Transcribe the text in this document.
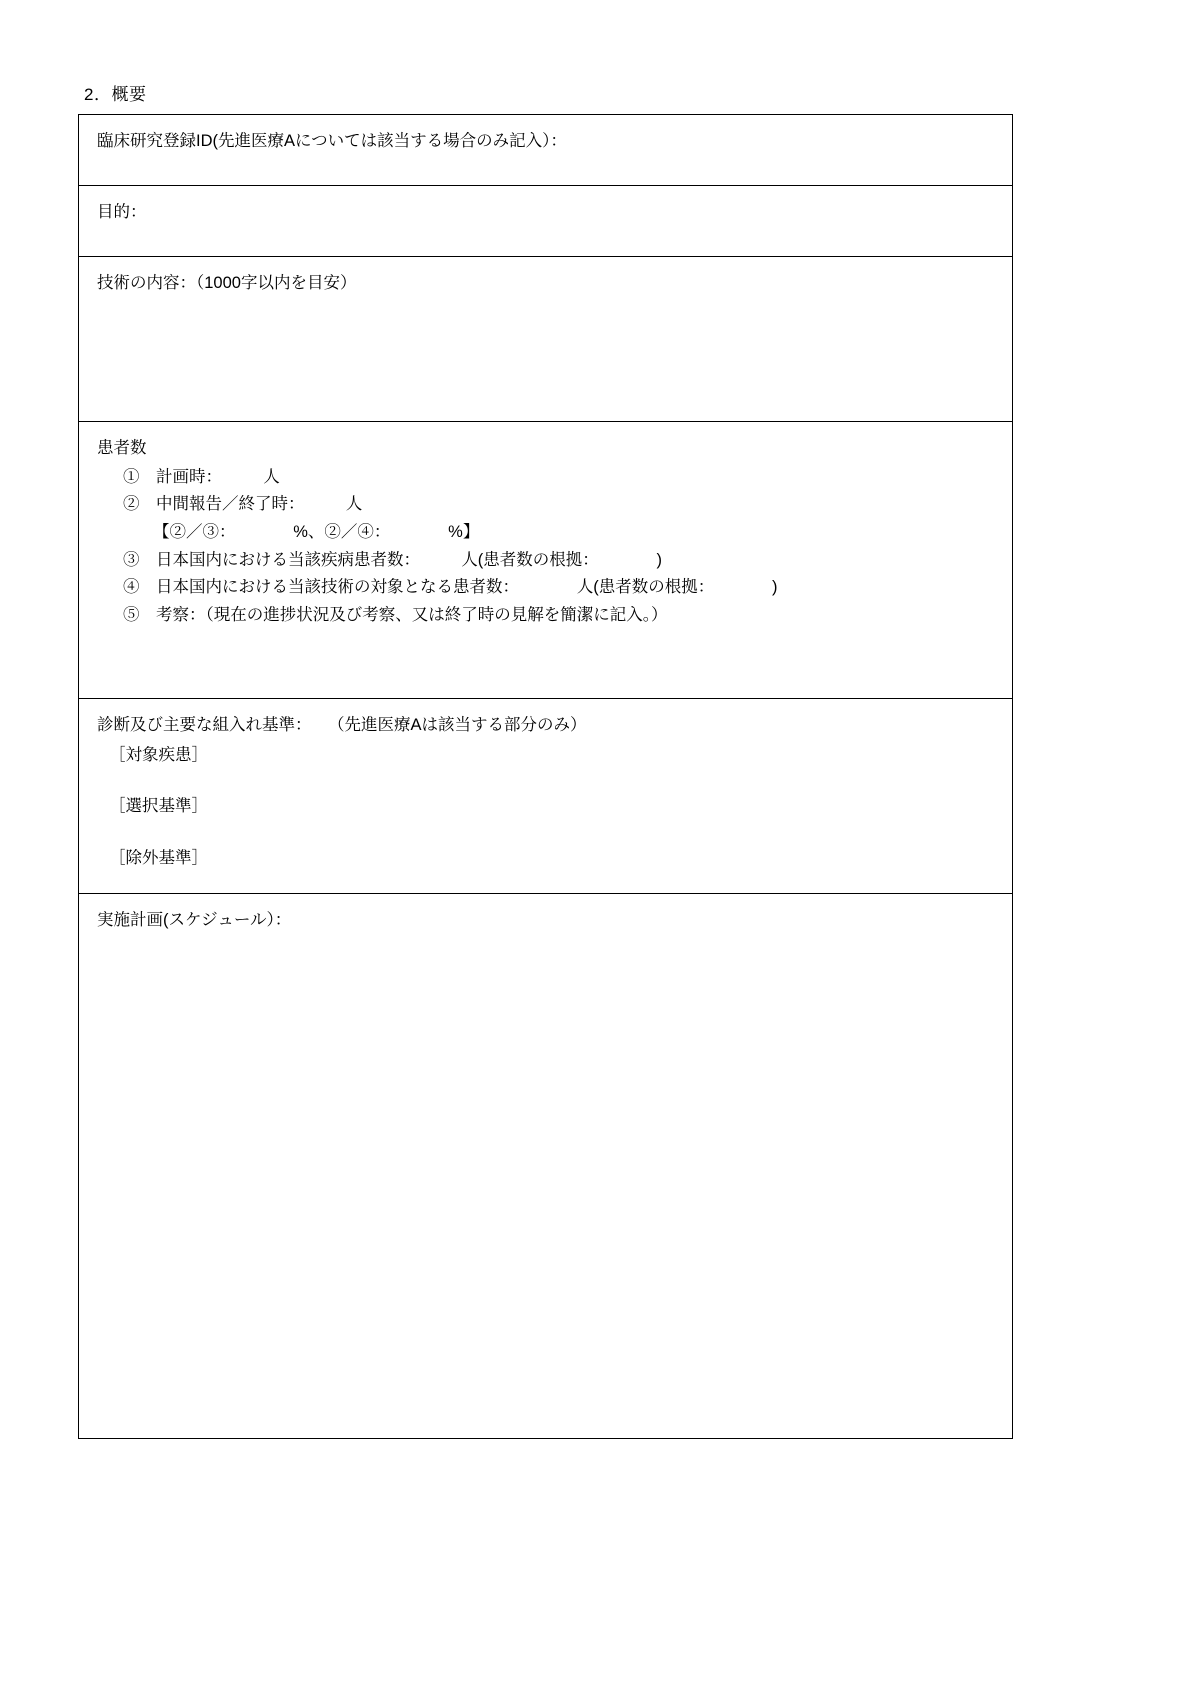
2．概要
臨床研究登録ID(先進医療Aについては該当する場合のみ記入）：

目的：

技術の内容：（1000字以内を目安）

患者数
①　計画時：　　　人
②　中間報告／終了時：　　　人
【②／③：　　　　%、②／④：　　　　%】
③　日本国内における当該疾病患者数：　　　人(患者数の根拠：　　　　)
④　日本国内における当該技術の対象となる患者数：　　　　人(患者数の根拠：　　　　)
⑤　考察：（現在の進捗状況及び考察、又は終了時の見解を簡潔に記入。）

診断及び主要な組入れ基準：　　（先進医療Aは該当する部分のみ）
［対象疾患］
［選択基準］
［除外基準］

実施計画(スケジュール）：
